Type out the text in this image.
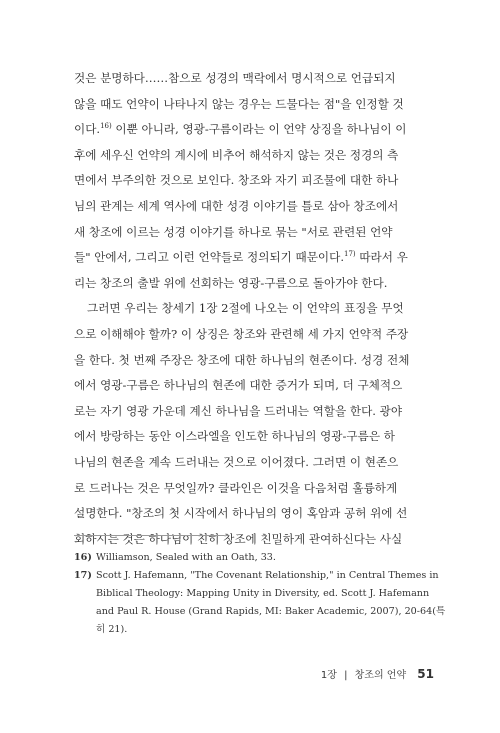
것은 분명하다……참으로 성경의 맥락에서 명시적으로 언급되지
않을 때도 언약이 나타나지 않는 경우는 드물다는 점"을 인정할 것
이다.$^{16)}$ 이뿐 아니라, 영광-구름이라는 이 언약 상징을 하나님이 이
후에 세우신 언약의 계시에 비추어 해석하지 않는 것은 정경의 측
면에서 부주의한 것으로 보인다. 창조와 자기 피조물에 대한 하나
님의 관계는 세계 역사에 대한 성경 이야기를 틀로 삼아 창조에서
새 창조에 이르는 성경 이야기를 하나로 묶는 "서로 관련된 언약
들" 안에서, 그리고 이런 언약들로 정의되기 때문이다.$^{17)}$ 따라서 우
리는 창조의 출발 위에 선회하는 영광-구름으로 돌아가야 한다.
그러면 우리는 창세기 1장 2절에 나오는 이 언약의 표징을 무엇
으로 이해해야 할까? 이 상징은 창조와 관련해 세 가지 언약적 주장
을 한다. 첫 번째 주장은 창조에 대한 하나님의 현존이다. 성경 전체
에서 영광-구름은 하나님의 현존에 대한 증거가 되며, 더 구체적으
로는 자기 영광 가운데 계신 하나님을 드러내는 역할을 한다. 광야
에서 방랑하는 동안 이스라엘을 인도한 하나님의 영광-구름은 하
나님의 현존을 계속 드러내는 것으로 이어졌다. 그러면 이 현존으
로 드러나는 것은 무엇일까? 클라인은 이것을 다음처럼 훌륭하게
설명한다. "창조의 첫 시작에서 하나님의 영이 혹암과 공허 위에 선
회하시는 것은 하나님이 친히 창조에 친밀하게 관여하신다는 사실
16) Williamson, Sealed with an Oath, 33.
17) Scott J. Hafemann, "The Covenant Relationship," in Central Themes in
Biblical Theology: Mapping Unity in Diversity, ed. Scott J. Hafemann
and Paul R. House (Grand Rapids, MI: Baker Academic, 2007), 20-64(특
히 21).
1장 | 창조의 언약 51
